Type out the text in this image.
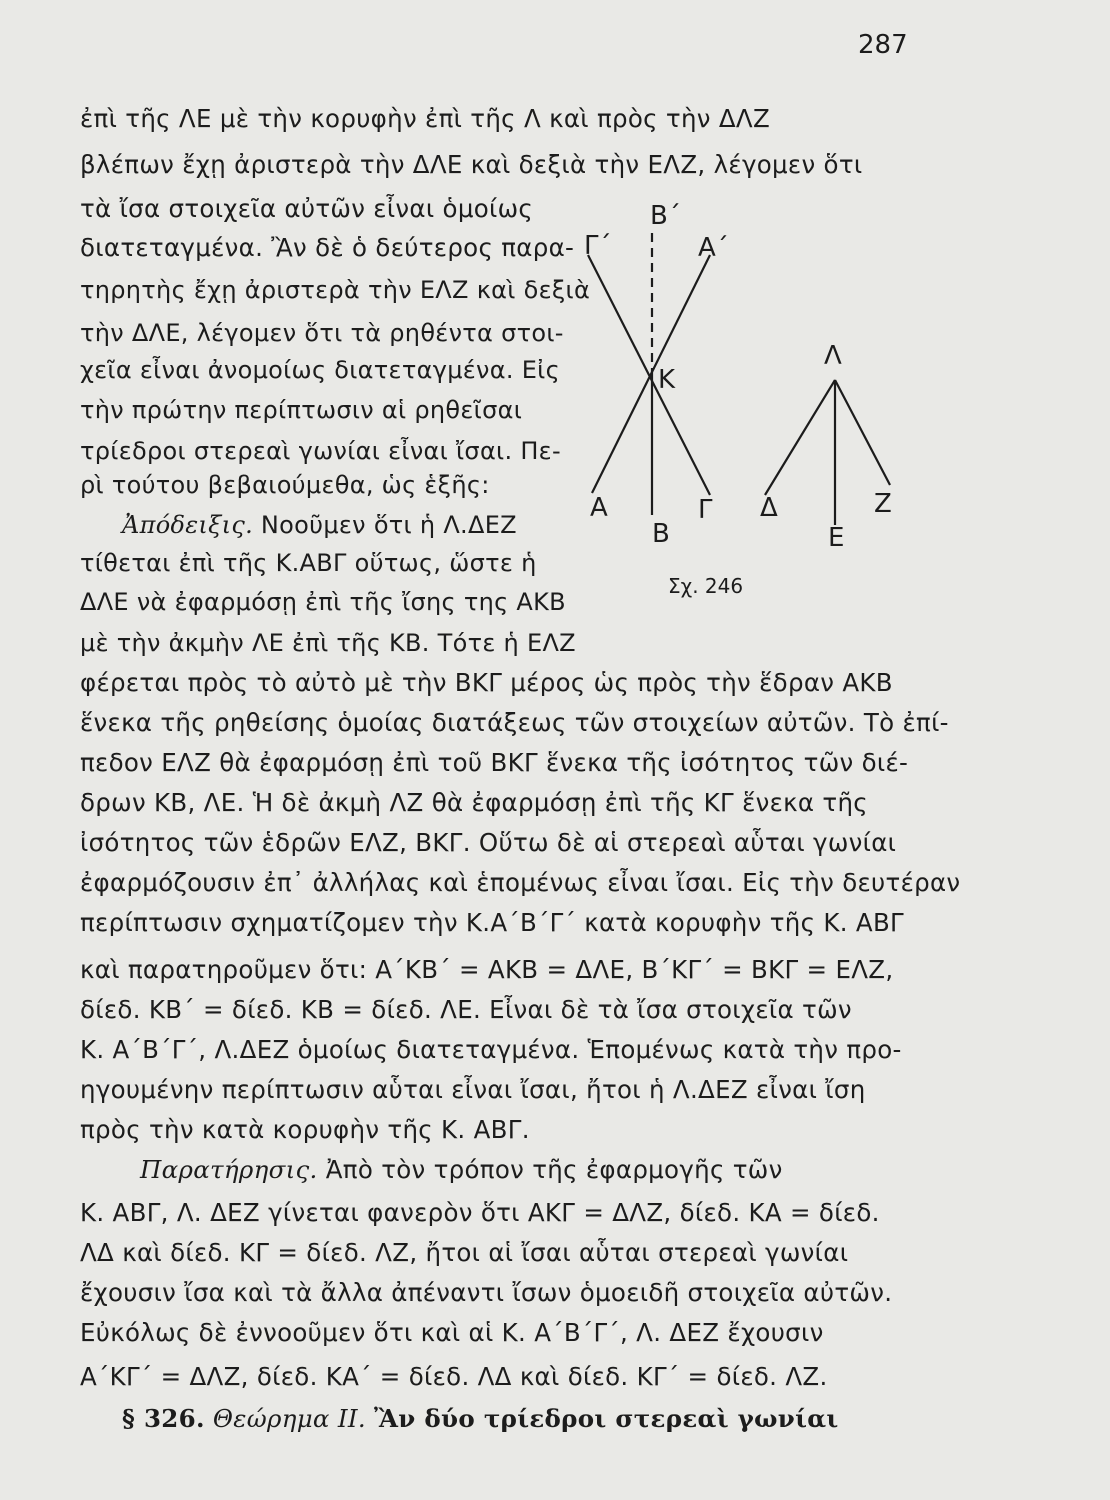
287
ἐπὶ τῆς ΛΕ μὲ τὴν κορυφὴν ἐπὶ τῆς Λ καὶ πρὸς τὴν ΔΛΖ
βλέπων ἔχῃ ἀριστερὰ τὴν ΔΛΕ καὶ δεξιὰ τὴν ΕΛΖ, λέγομεν ὅτι
τὰ ἴσα στοιχεῖα αὐτῶν εἶναι ὁμοίως
διατεταγμένα. Ἂν δὲ ὁ δεύτερος παρα-
τηρητὴς ἔχῃ ἀριστερὰ τὴν ΕΛΖ καὶ δεξιὰ
τὴν ΔΛΕ, λέγομεν ὅτι τὰ ρηθέντα στοι-
χεῖα εἶναι ἀνομοίως διατεταγμένα. Εἰς
τὴν πρώτην περίπτωσιν αἱ ρηθεῖσαι
τρίεδροι στερεαὶ γωνίαι εἶναι ἴσαι. Πε-
ρὶ τούτου βεβαιούμεθα, ὡς ἑξῆς:
Ἀπόδειξις. Νοοῦμεν ὅτι ἡ Λ.ΔΕΖ
τίθεται ἐπὶ τῆς Κ.ΑΒΓ οὕτως, ὥστε ἡ
ΔΛΕ νὰ ἐφαρμόσῃ ἐπὶ τῆς ἴσης της ΑΚΒ
μὲ τὴν ἀκμὴν ΛΕ ἐπὶ τῆς ΚΒ. Τότε ἡ ΕΛΖ
φέρεται πρὸς τὸ αὐτὸ μὲ τὴν ΒΚΓ μέρος ὡς πρὸς τὴν ἕδραν ΑΚΒ
ἕνεκα τῆς ρηθείσης ὁμοίας διατάξεως τῶν στοιχείων αὐτῶν. Τὸ ἐπί-
πεδον ΕΛΖ θὰ ἐφαρμόσῃ ἐπὶ τοῦ ΒΚΓ ἕνεκα τῆς ἰσότητος τῶν διέ-
δρων ΚΒ, ΛΕ. Ἡ δὲ ἀκμὴ ΛΖ θὰ ἐφαρμόσῃ ἐπὶ τῆς ΚΓ ἕνεκα τῆς
ἰσότητος τῶν ἑδρῶν ΕΛΖ, ΒΚΓ. Οὕτω δὲ αἱ στερεαὶ αὗται γωνίαι
ἐφαρμόζουσιν ἐπ᾽ ἀλλήλας καὶ ἑπομένως εἶναι ἴσαι. Εἰς τὴν δευτέραν
περίπτωσιν σχηματίζομεν τὴν Κ.Α΄Β΄Γ΄ κατὰ κορυφὴν τῆς Κ. ΑΒΓ
καὶ παρατηροῦμεν ὅτι: Α΄ΚΒ΄ = ΑΚΒ = ΔΛΕ, Β΄ΚΓ΄ = ΒΚΓ = ΕΛΖ,
δίεδ. ΚΒ΄ = δίεδ. ΚΒ = δίεδ. ΛΕ. Εἶναι δὲ τὰ ἴσα στοιχεῖα τῶν
Κ. Α΄Β΄Γ΄, Λ.ΔΕΖ ὁμοίως διατεταγμένα. Ἑπομένως κατὰ τὴν προ-
ηγουμένην περίπτωσιν αὗται εἶναι ἴσαι, ἤτοι ἡ Λ.ΔΕΖ εἶναι ἴση
πρὸς τὴν κατὰ κορυφὴν τῆς Κ. ΑΒΓ.
Παρατήρησις. Ἀπὸ τὸν τρόπον τῆς ἐφαρμογῆς τῶν
Κ. ΑΒΓ, Λ. ΔΕΖ γίνεται φανερὸν ὅτι ΑΚΓ = ΔΛΖ, δίεδ. ΚΑ = δίεδ.
ΛΔ καὶ δίεδ. ΚΓ = δίεδ. ΛΖ, ἤτοι αἱ ἴσαι αὗται στερεαὶ γωνίαι
ἔχουσιν ἴσα καὶ τὰ ἄλλα ἀπέναντι ἴσων ὁμοειδῆ στοιχεῖα αὐτῶν.
Εὐκόλως δὲ ἐννοοῦμεν ὅτι καὶ αἱ Κ. Α΄Β΄Γ΄, Λ. ΔΕΖ ἔχουσιν
Α΄ΚΓ΄ = ΔΛΖ, δίεδ. ΚΑ΄ = δίεδ. ΛΔ καὶ δίεδ. ΚΓ΄ = δίεδ. ΛΖ.
§ 326. Θεώρημα II. Ἂν δύο τρίεδροι στερεαὶ γωνίαι
Β΄
Γ΄	Α΄
Κ
Λ
Α
Β
Γ Δ
Ε
Ζ
Σχ. 246
